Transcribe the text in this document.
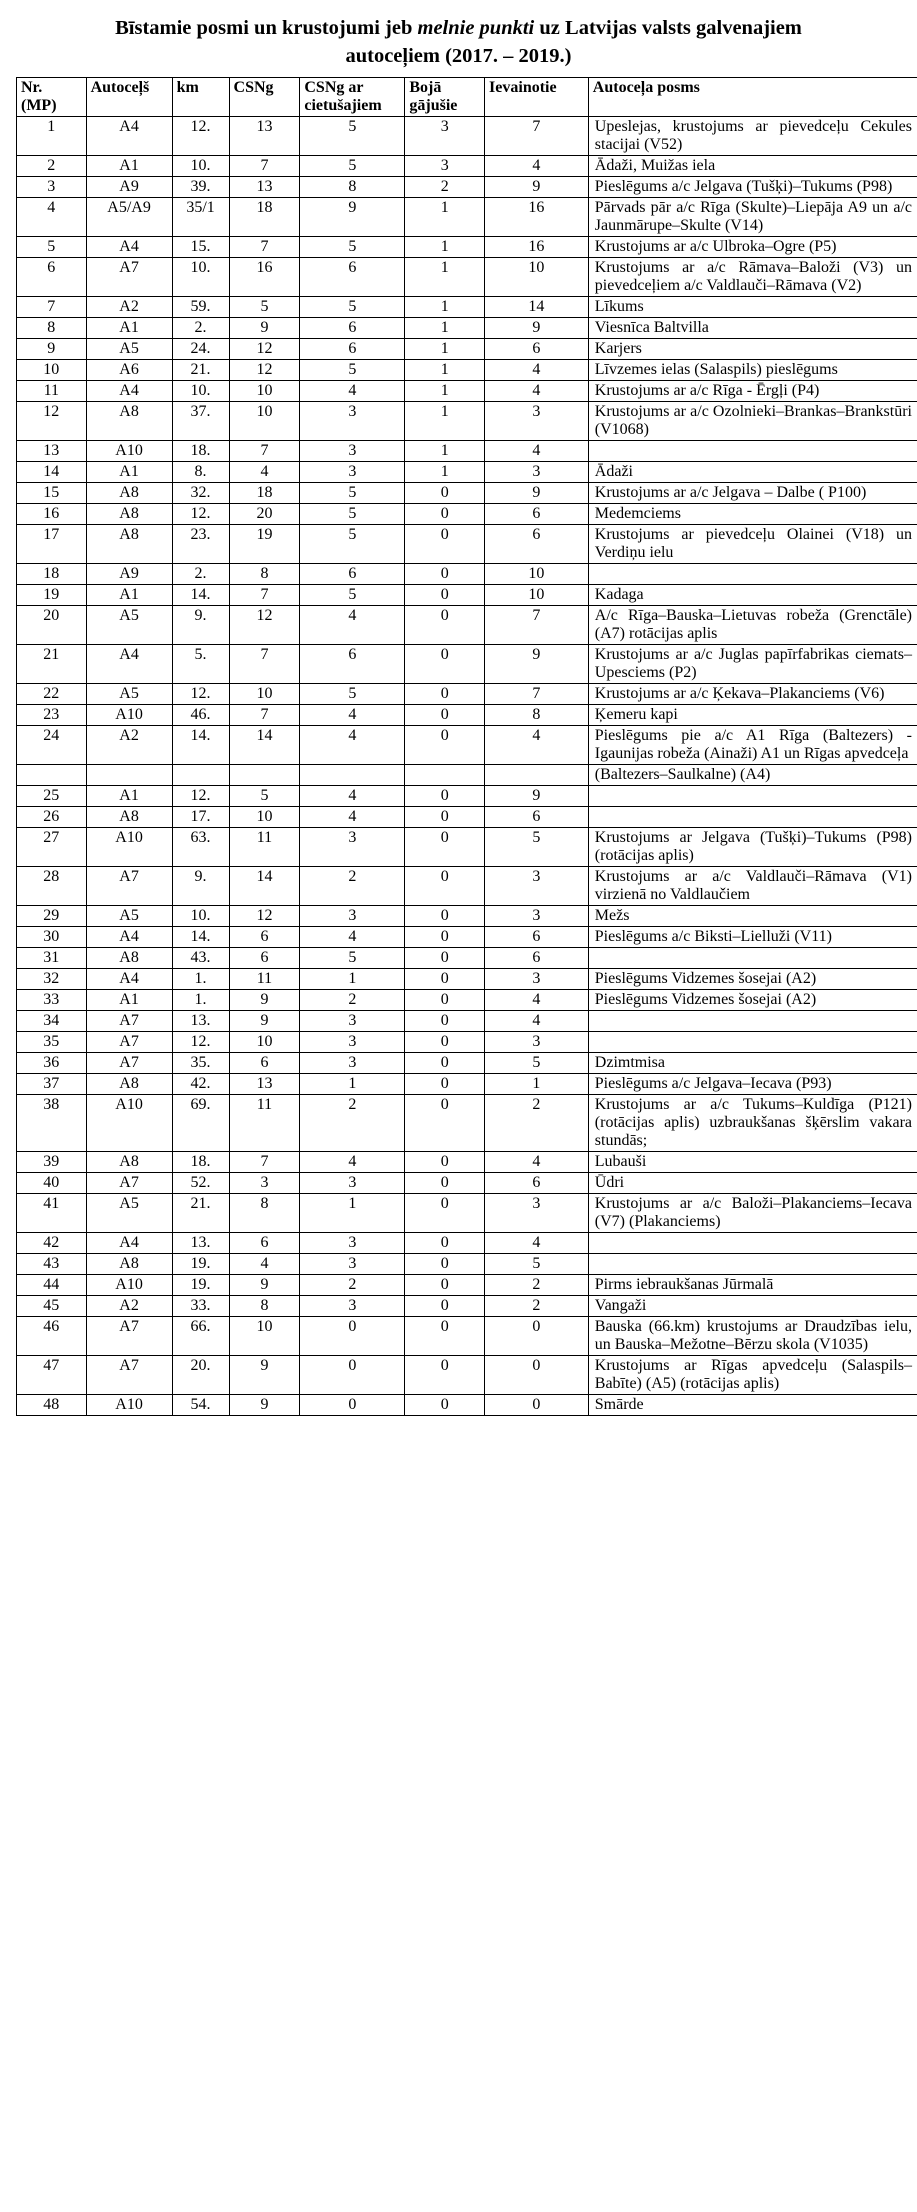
Bīstamie posmi un krustojumi jeb melnie punkti uz Latvijas valsts galvenajiem
autoceļiem (2017. – 2019.)
Nr. (MP)	Autoceļš	km	CSNg	CSNg ar cietušajiem	Bojā gājušie	Ievainotie	Autoceļa posms
1	A4	12.	13	5	3	7	Upeslejas, krustojums ar pievedceļu Cekules stacijai (V52)
2	A1	10.	7	5	3	4	Ādaži, Muižas iela
3	A9	39.	13	8	2	9	Pieslēgums a/c Jelgava (Tušķi)–Tukums (P98)
4	A5/A9	35/1	18	9	1	16	Pārvads pār a/c Rīga (Skulte)–Liepāja A9 un a/c Jaunmārupe–Skulte (V14)
5	A4	15.	7	5	1	16	Krustojums ar a/c Ulbroka–Ogre (P5)
6	A7	10.	16	6	1	10	Krustojums ar a/c Rāmava–Baloži (V3) un pievedceļiem a/c Valdlauči–Rāmava (V2)
7	A2	59.	5	5	1	14	Līkums
8	A1	2.	9	6	1	9	Viesnīca Baltvilla
9	A5	24.	12	6	1	6	Karjers
10	A6	21.	12	5	1	4	Līvzemes ielas (Salaspils) pieslēgums
11	A4	10.	10	4	1	4	Krustojums ar a/c Rīga - Ērgļi (P4)
12	A8	37.	10	3	1	3	Krustojums ar a/c Ozolnieki–Brankas–Brankstūri (V1068)
13	A10	18.	7	3	1	4	
14	A1	8.	4	3	1	3	Ādaži
15	A8	32.	18	5	0	9	Krustojums ar a/c Jelgava – Dalbe ( P100)
16	A8	12.	20	5	0	6	Medemciems
17	A8	23.	19	5	0	6	Krustojums ar pievedceļu Olainei (V18) un Verdiņu ielu
18	A9	2.	8	6	0	10	
19	A1	14.	7	5	0	10	Kadaga
20	A5	9.	12	4	0	7	A/c Rīga–Bauska–Lietuvas robeža (Grenctāle) (A7) rotācijas aplis
21	A4	5.	7	6	0	9	Krustojums ar a/c Juglas papīrfabrikas ciemats–Upesciems (P2)
22	A5	12.	10	5	0	7	Krustojums ar a/c Ķekava–Plakanciems (V6)
23	A10	46.	7	4	0	8	Ķemeru kapi
24	A2	14.	14	4	0	4	Pieslēgums pie a/c A1 Rīga (Baltezers) - Igaunijas robeža (Ainaži) A1 un Rīgas apvedceļa
							(Baltezers–Saulkalne) (A4)
25	A1	12.	5	4	0	9	
26	A8	17.	10	4	0	6	
27	A10	63.	11	3	0	5	Krustojums ar Jelgava (Tušķi)–Tukums (P98) (rotācijas aplis)
28	A7	9.	14	2	0	3	Krustojums ar a/c Valdlauči–Rāmava (V1) virzienā no Valdlaučiem
29	A5	10.	12	3	0	3	Mežs
30	A4	14.	6	4	0	6	Pieslēgums a/c Biksti–Lielluži (V11)
31	A8	43.	6	5	0	6	
32	A4	1.	11	1	0	3	Pieslēgums Vidzemes šosejai (A2)
33	A1	1.	9	2	0	4	Pieslēgums Vidzemes šosejai (A2)
34	A7	13.	9	3	0	4	
35	A7	12.	10	3	0	3	
36	A7	35.	6	3	0	5	Dzimtmisa
37	A8	42.	13	1	0	1	Pieslēgums a/c Jelgava–Iecava (P93)
38	A10	69.	11	2	0	2	Krustojums ar a/c Tukums–Kuldīga (P121) (rotācijas aplis) uzbraukšanas šķērslim vakara stundās;
39	A8	18.	7	4	0	4	Lubauši
40	A7	52.	3	3	0	6	Ūdri
41	A5	21.	8	1	0	3	Krustojums ar a/c Baloži–Plakanciems–Iecava (V7) (Plakanciems)
42	A4	13.	6	3	0	4	
43	A8	19.	4	3	0	5	
44	A10	19.	9	2	0	2	Pirms iebraukšanas Jūrmalā
45	A2	33.	8	3	0	2	Vangaži
46	A7	66.	10	0	0	0	Bauska (66.km) krustojums ar Draudzības ielu, un Bauska–Mežotne–Bērzu skola (V1035)
47	A7	20.	9	0	0	0	Krustojums ar Rīgas apvedceļu (Salaspils–Babīte) (A5) (rotācijas aplis)
48	A10	54.	9	0	0	0	Smārde
